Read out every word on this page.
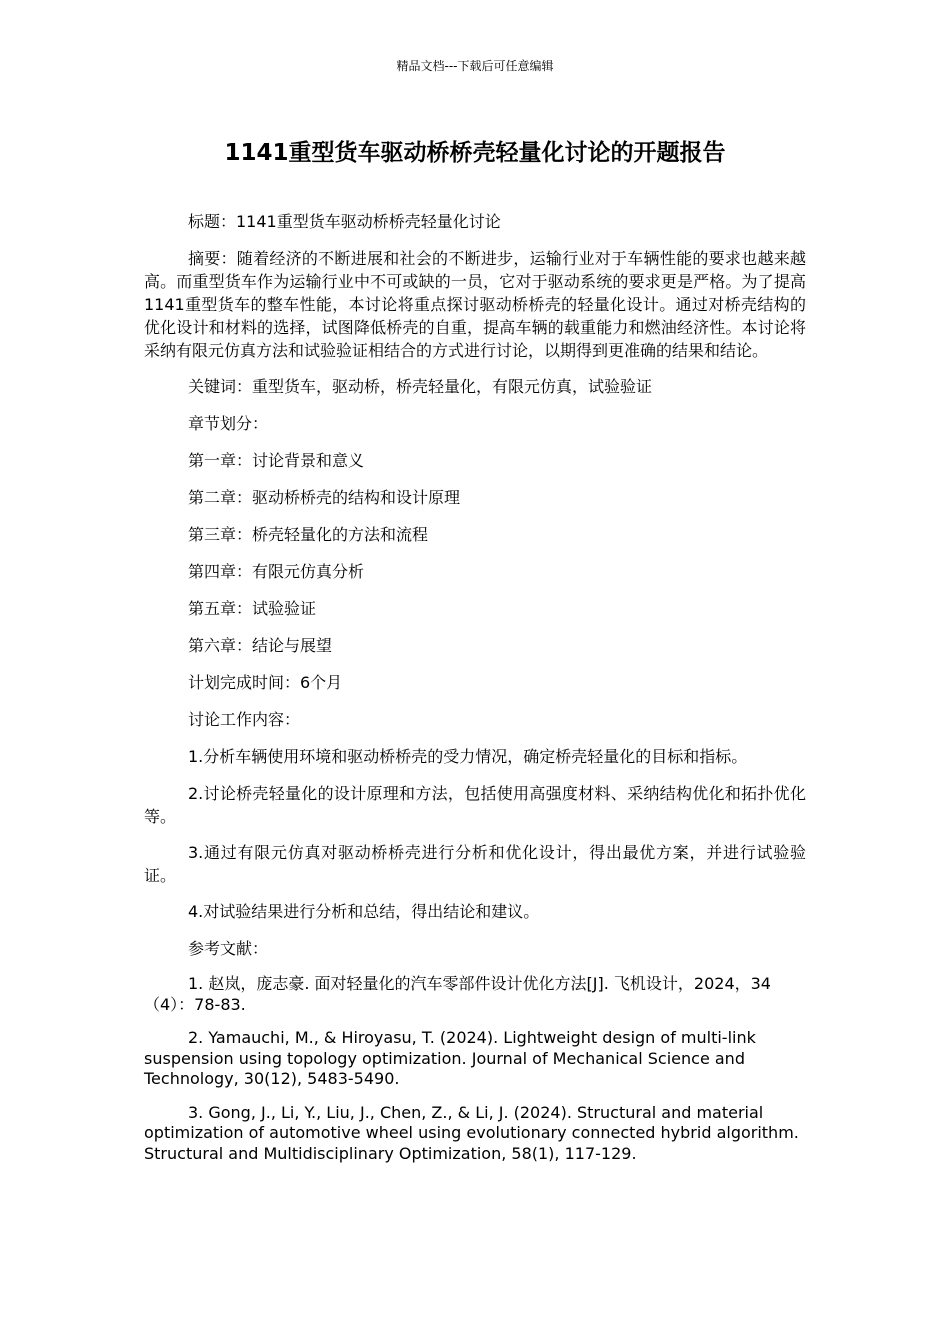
精品文档---下载后可任意编辑
1141重型货车驱动桥桥壳轻量化讨论的开题报告

标题：1141重型货车驱动桥桥壳轻量化讨论

摘要：随着经济的不断进展和社会的不断进步，运输行业对于车辆性能的要求也越来越高。而重型货车作为运输行业中不可或缺的一员，它对于驱动系统的要求更是严格。为了提高1141重型货车的整车性能，本讨论将重点探讨驱动桥桥壳的轻量化设计。通过对桥壳结构的优化设计和材料的选择，试图降低桥壳的自重，提高车辆的载重能力和燃油经济性。本讨论将采纳有限元仿真方法和试验验证相结合的方式进行讨论，以期得到更准确的结果和结论。

关键词：重型货车，驱动桥，桥壳轻量化，有限元仿真，试验验证

章节划分：

第一章：讨论背景和意义

第二章：驱动桥桥壳的结构和设计原理

第三章：桥壳轻量化的方法和流程

第四章：有限元仿真分析

第五章：试验验证

第六章：结论与展望

计划完成时间：6个月

讨论工作内容：

1.分析车辆使用环境和驱动桥桥壳的受力情况，确定桥壳轻量化的目标和指标。

2.讨论桥壳轻量化的设计原理和方法，包括使用高强度材料、采纳结构优化和拓扑优化等。

3.通过有限元仿真对驱动桥桥壳进行分析和优化设计，得出最优方案，并进行试验验证。

4.对试验结果进行分析和总结，得出结论和建议。

参考文献：

1. 赵岚，庞志豪. 面对轻量化的汽车零部件设计优化方法[J]. 飞机设计，2024，34（4）：78-83.

2. Yamauchi, M., & Hiroyasu, T. (2024). Lightweight design of multi-link suspension using topology optimization. Journal of Mechanical Science and Technology, 30(12), 5483-5490.

3. Gong, J., Li, Y., Liu, J., Chen, Z., & Li, J. (2024). Structural and material optimization of automotive wheel using evolutionary connected hybrid algorithm. Structural and Multidisciplinary Optimization, 58(1), 117-129.
